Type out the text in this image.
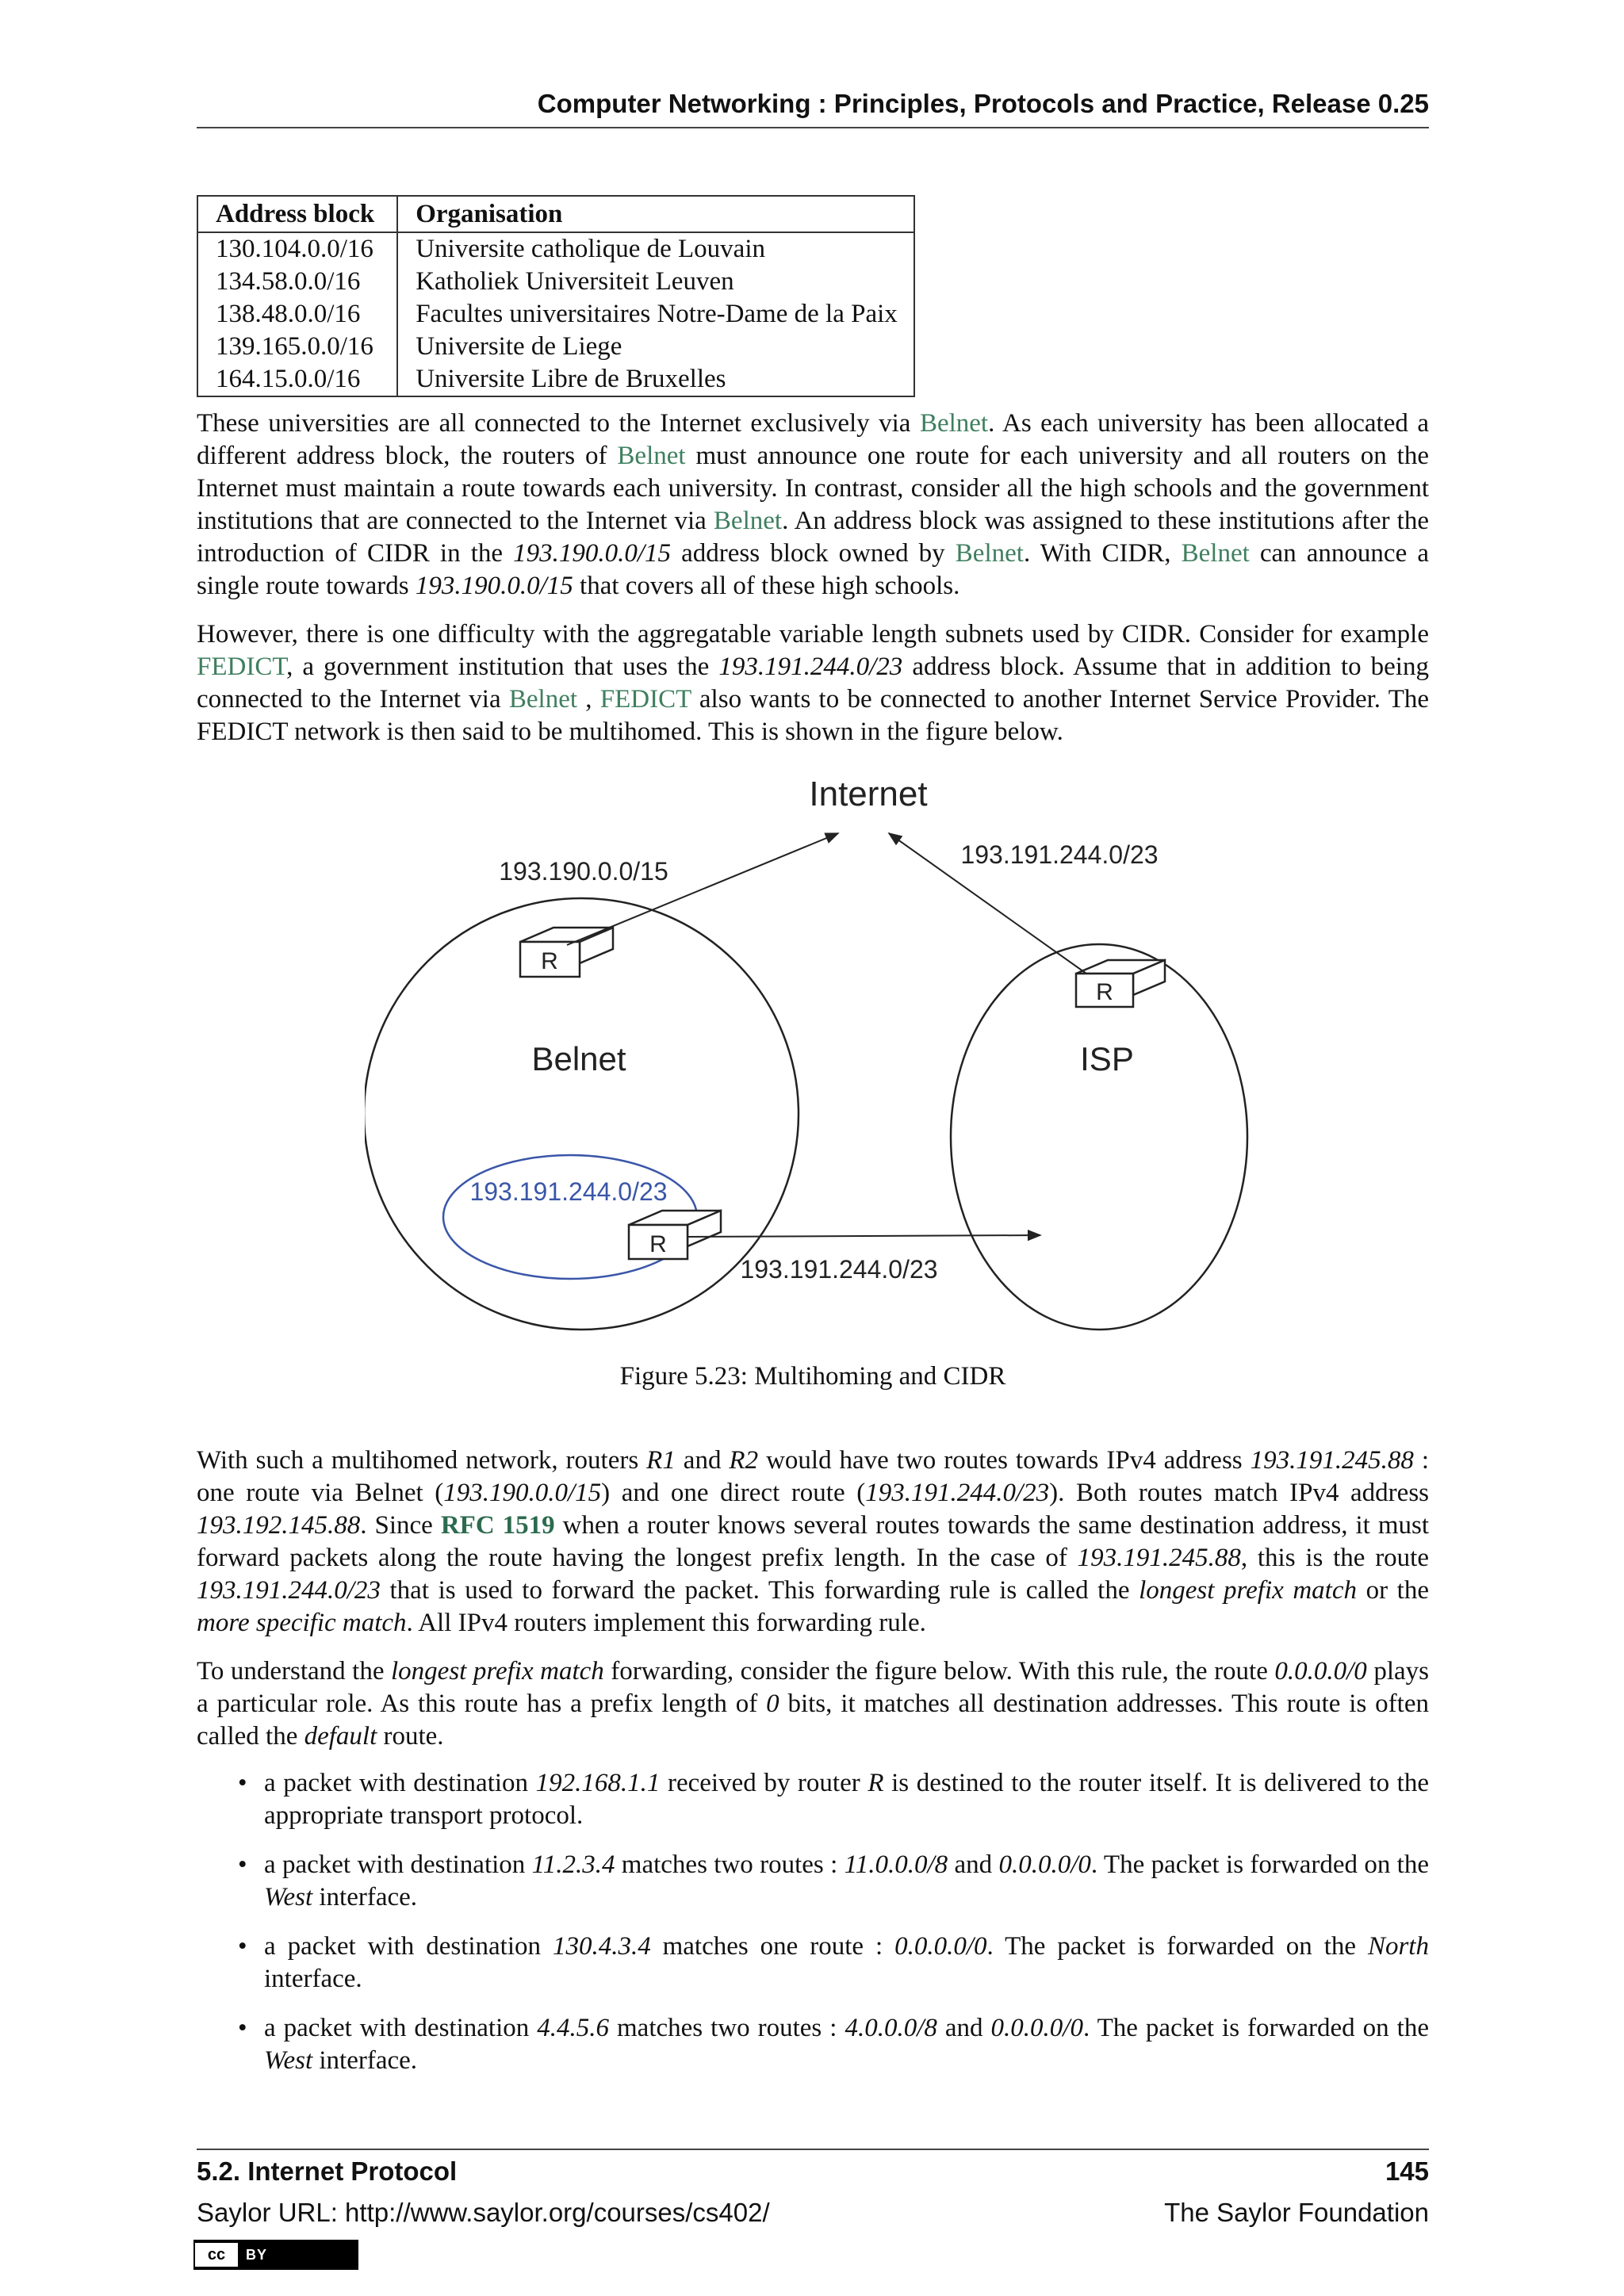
Computer Networking : Principles, Protocols and Practice, Release 0.25
Address block	Organisation
130.104.0.0/16	Universite catholique de Louvain
134.58.0.0/16	Katholiek Universiteit Leuven
138.48.0.0/16	Facultes universitaires Notre-Dame de la Paix
139.165.0.0/16	Universite de Liege
164.15.0.0/16	Universite Libre de Bruxelles

These universities are all connected to the Internet exclusively via Belnet. As each university has been allocated a different address block, the routers of Belnet must announce one route for each university and all routers on the Internet must maintain a route towards each university. In contrast, consider all the high schools and the government institutions that are connected to the Internet via Belnet. An address block was assigned to these institutions after the introduction of CIDR in the 193.190.0.0/15 address block owned by Belnet. With CIDR, Belnet can announce a single route towards 193.190.0.0/15 that covers all of these high schools.

However, there is one difficulty with the aggregatable variable length subnets used by CIDR. Consider for example FEDICT, a government institution that uses the 193.191.244.0/23 address block. Assume that in addition to being connected to the Internet via Belnet , FEDICT also wants to be connected to another Internet Service Provider. The FEDICT network is then said to be multihomed. This is shown in the figure below.

Internet
193.190.0.0/15
193.191.244.0/23
193.191.244.0/23
R
R
R
Belnet	ISP
193.191.244.0/23
Figure 5.23: Multihoming and CIDR

With such a multihomed network, routers R1 and R2 would have two routes towards IPv4 address 193.191.245.88 : one route via Belnet (193.190.0.0/15) and one direct route (193.191.244.0/23). Both routes match IPv4 address 193.192.145.88. Since RFC 1519 when a router knows several routes towards the same destination address, it must forward packets along the route having the longest prefix length. In the case of 193.191.245.88, this is the route 193.191.244.0/23 that is used to forward the packet. This forwarding rule is called the longest prefix match or the more specific match. All IPv4 routers implement this forwarding rule.

To understand the longest prefix match forwarding, consider the figure below. With this rule, the route 0.0.0.0/0 plays a particular role. As this route has a prefix length of 0 bits, it matches all destination addresses. This route is often called the default route.

• a packet with destination 192.168.1.1 received by router R is destined to the router itself. It is delivered to the appropriate transport protocol.
• a packet with destination 11.2.3.4 matches two routes : 11.0.0.0/8 and 0.0.0.0/0. The packet is forwarded on the West interface.
• a packet with destination 130.4.3.4 matches one route : 0.0.0.0/0. The packet is forwarded on the North interface.
• a packet with destination 4.4.5.6 matches two routes : 4.0.0.0/8 and 0.0.0.0/0. The packet is forwarded on the West interface.
5.2. Internet Protocol	145
Saylor URL: http://www.saylor.org/courses/cs402/	The Saylor Foundation
cc	BY
